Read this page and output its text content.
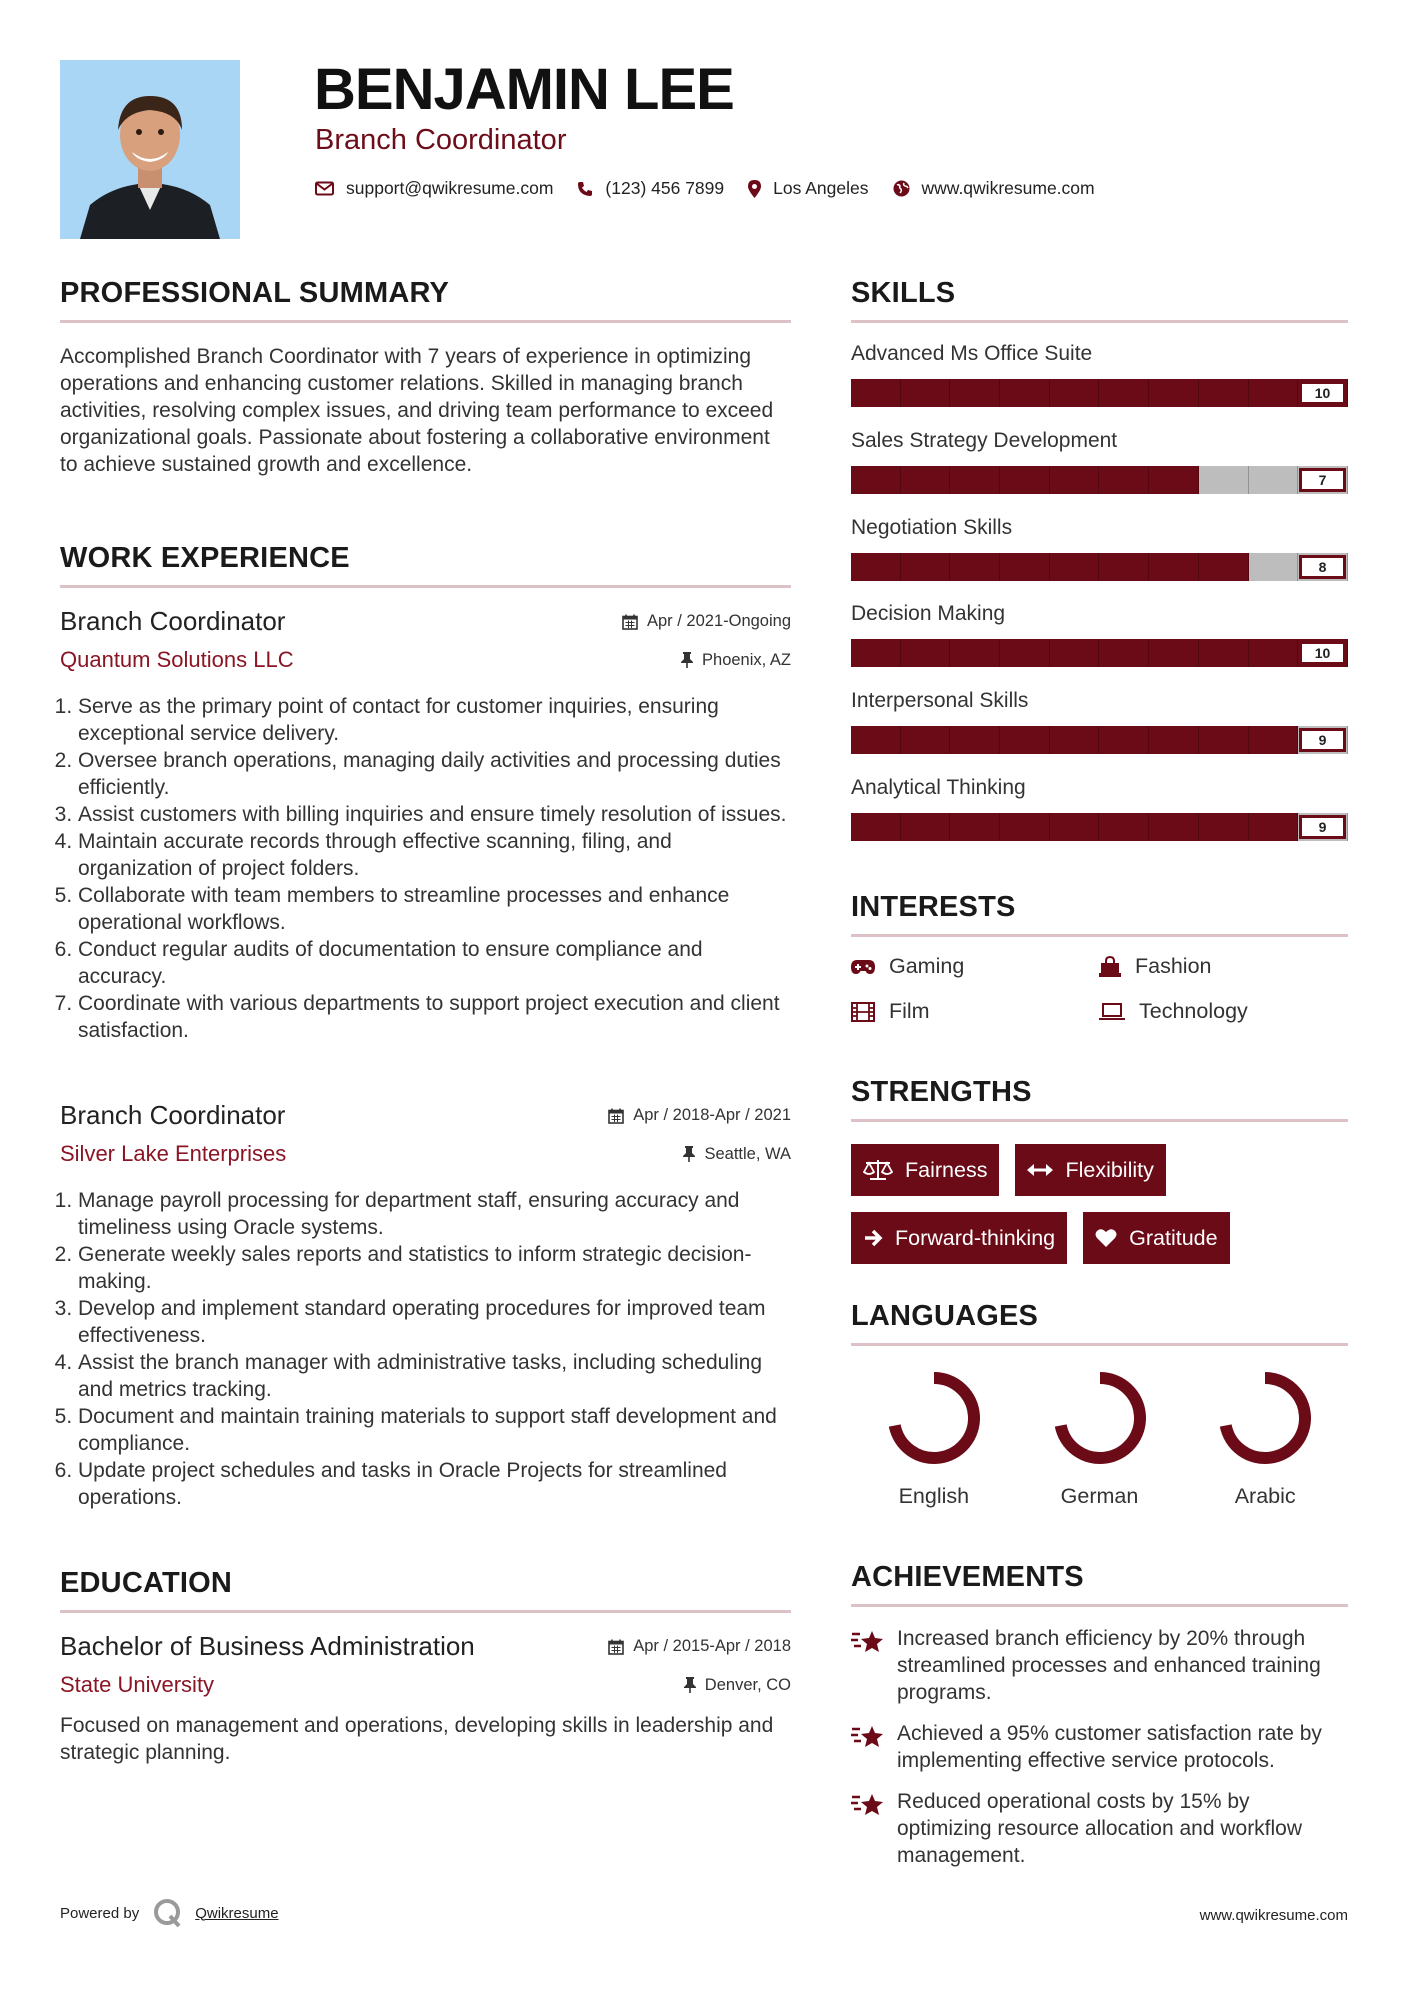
BENJAMIN LEE
Branch Coordinator
support@qwikresume.com	(123) 456 7899	Los Angeles	www.qwikresume.com
PROFESSIONAL SUMMARY
Accomplished Branch Coordinator with 7 years of experience in optimizing operations and enhancing customer relations. Skilled in managing branch activities, resolving complex issues, and driving team performance to exceed organizational goals. Passionate about fostering a collaborative environment to achieve sustained growth and excellence.
WORK EXPERIENCE
Branch Coordinator	Apr / 2021-Ongoing
Quantum Solutions LLC	Phoenix, AZ
1. Serve as the primary point of contact for customer inquiries, ensuring exceptional service delivery.
2. Oversee branch operations, managing daily activities and processing duties efficiently.
3. Assist customers with billing inquiries and ensure timely resolution of issues.
4. Maintain accurate records through effective scanning, filing, and organization of project folders.
5. Collaborate with team members to streamline processes and enhance operational workflows.
6. Conduct regular audits of documentation to ensure compliance and accuracy.
7. Coordinate with various departments to support project execution and client satisfaction.
Branch Coordinator	Apr / 2018-Apr / 2021
Silver Lake Enterprises	Seattle, WA
1. Manage payroll processing for department staff, ensuring accuracy and timeliness using Oracle systems.
2. Generate weekly sales reports and statistics to inform strategic decision-making.
3. Develop and implement standard operating procedures for improved team effectiveness.
4. Assist the branch manager with administrative tasks, including scheduling and metrics tracking.
5. Document and maintain training materials to support staff development and compliance.
6. Update project schedules and tasks in Oracle Projects for streamlined operations.
EDUCATION
Bachelor of Business Administration	Apr / 2015-Apr / 2018
State University	Denver, CO
Focused on management and operations, developing skills in leadership and strategic planning.
SKILLS
Advanced Ms Office Suite
10
Sales Strategy Development
7
Negotiation Skills
8
Decision Making
10
Interpersonal Skills
9
Analytical Thinking
9
INTERESTS
Gaming	Fashion
Film	Technology
STRENGTHS
Fairness	Flexibility
Forward-thinking	Gratitude
LANGUAGES
English	German	Arabic
ACHIEVEMENTS
Increased branch efficiency by 20% through streamlined processes and enhanced training programs.
Achieved a 95% customer satisfaction rate by implementing effective service protocols.
Reduced operational costs by 15% by optimizing resource allocation and workflow management.
Powered by	Qwikresume	www.qwikresume.com
